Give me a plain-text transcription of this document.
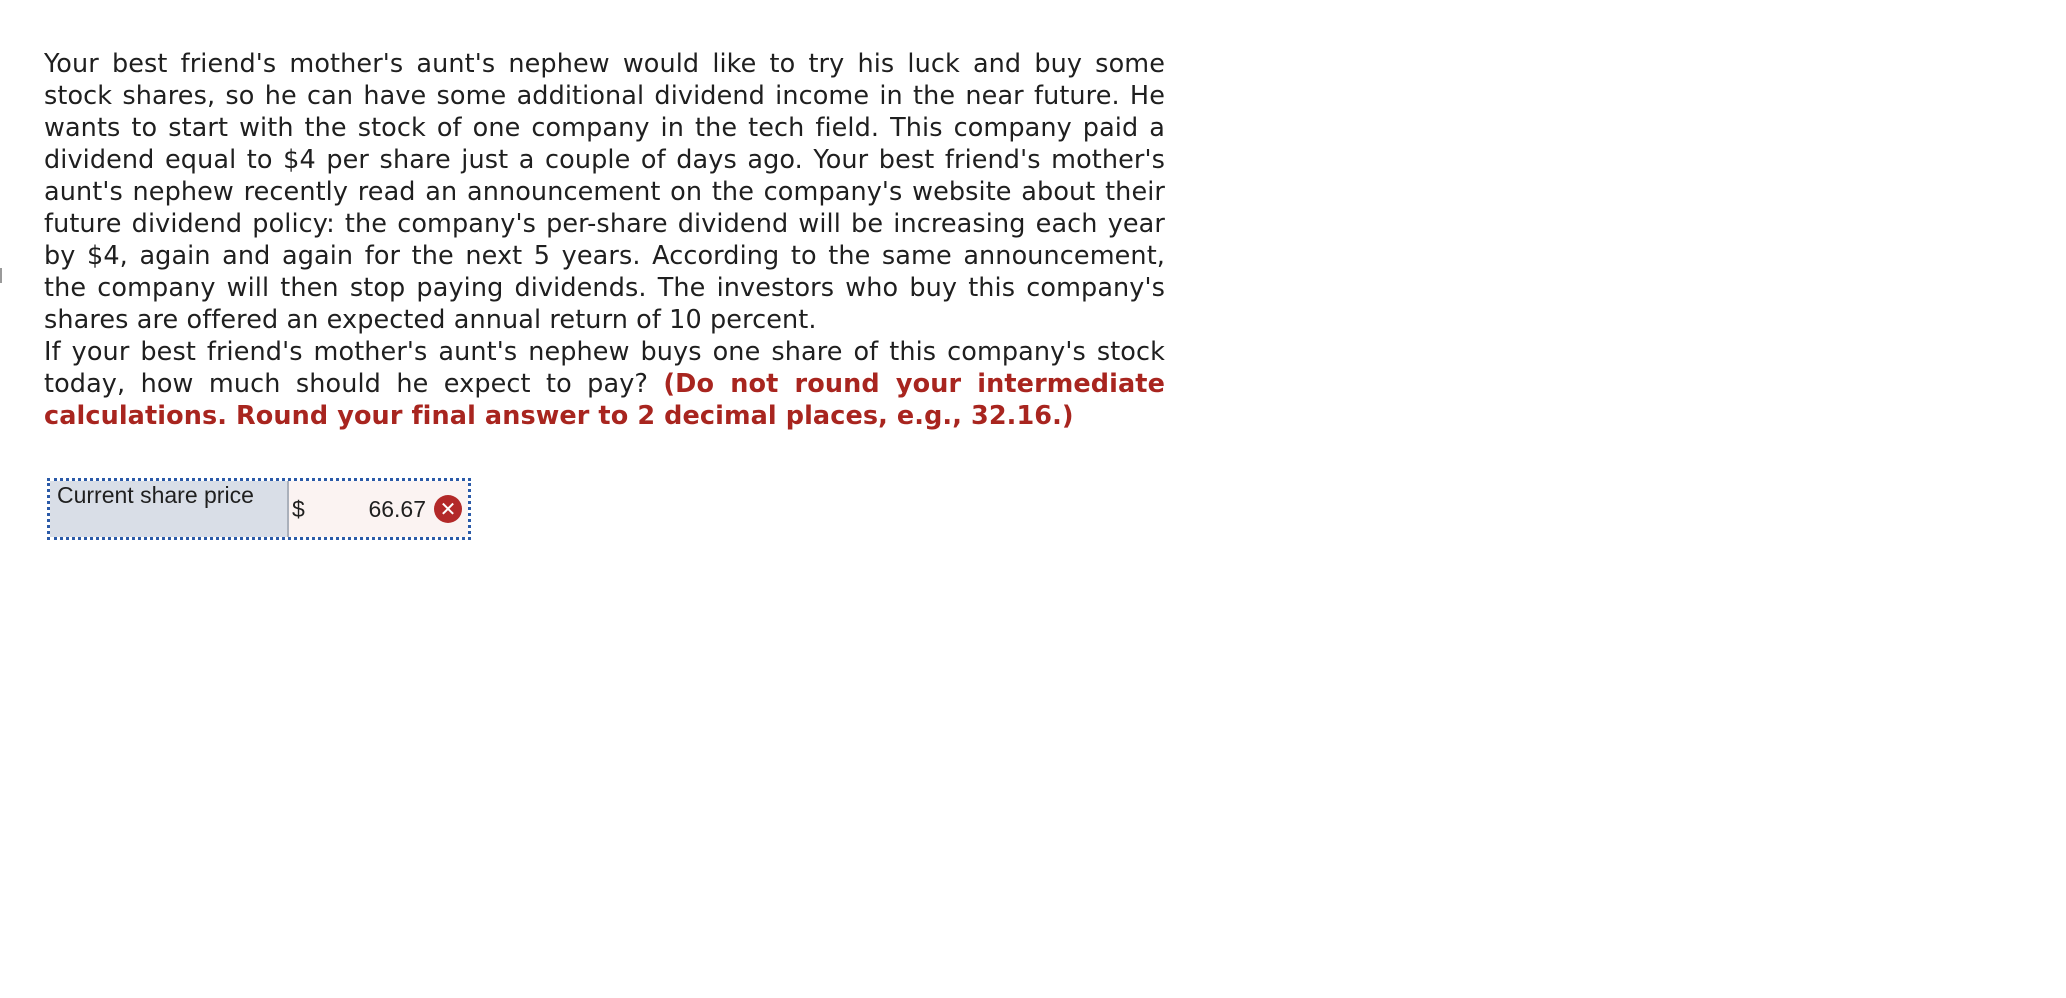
Your best friend's mother's aunt's nephew would like to try his luck and buy some stock shares, so he can have some additional dividend income in the near future. He wants to start with the stock of one company in the tech field. This company paid a dividend equal to $4 per share just a couple of days ago. Your best friend's mother's aunt's nephew recently read an announcement on the company's website about their future dividend policy: the company's per-share dividend will be increasing each year by $4, again and again for the next 5 years. According to the same announcement, the company will then stop paying dividends. The investors who buy this company's shares are offered an expected annual return of 10 percent.

If your best friend's mother's aunt's nephew buys one share of this company's stock today, how much should he expect to pay? (Do not round your intermediate calculations. Round your final answer to 2 decimal places, e.g., 32.16.)

Current share price
$	66.67 ✕
